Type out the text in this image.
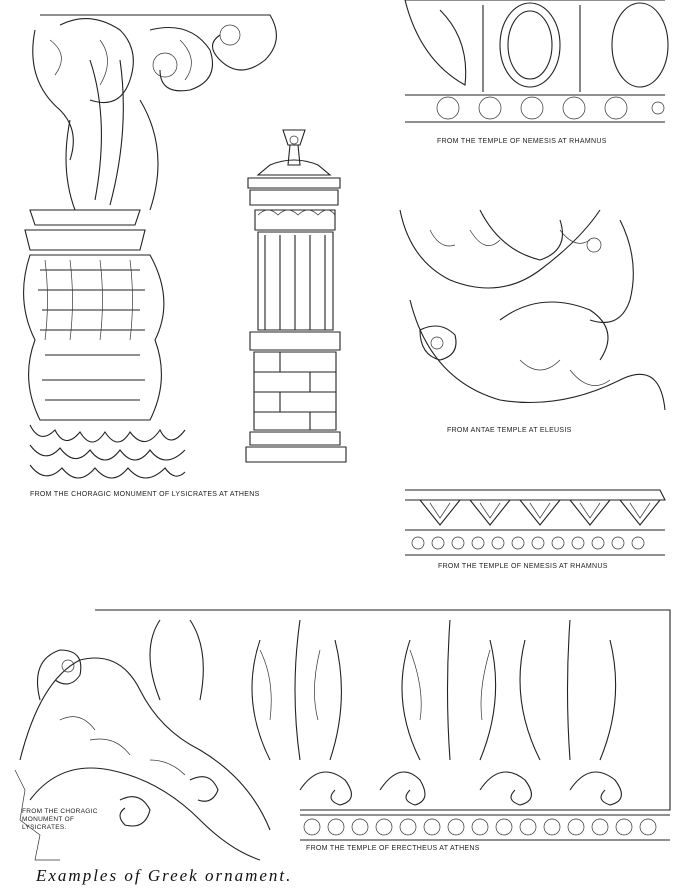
FROM THE CHORAGIC MONUMENT OF LYSICRATES AT ATHENS
FROM THE TEMPLE OF NEMESIS AT RHAMNUS
FROM ANTAE TEMPLE AT ELEUSIS
FROM THE TEMPLE OF NEMESIS AT RHAMNUS
FROM THE CHORAGIC MONUMENT OF LYSICRATES.
FROM THE TEMPLE OF ERECTHEUS AT ATHENS
Examples of Greek ornament.
